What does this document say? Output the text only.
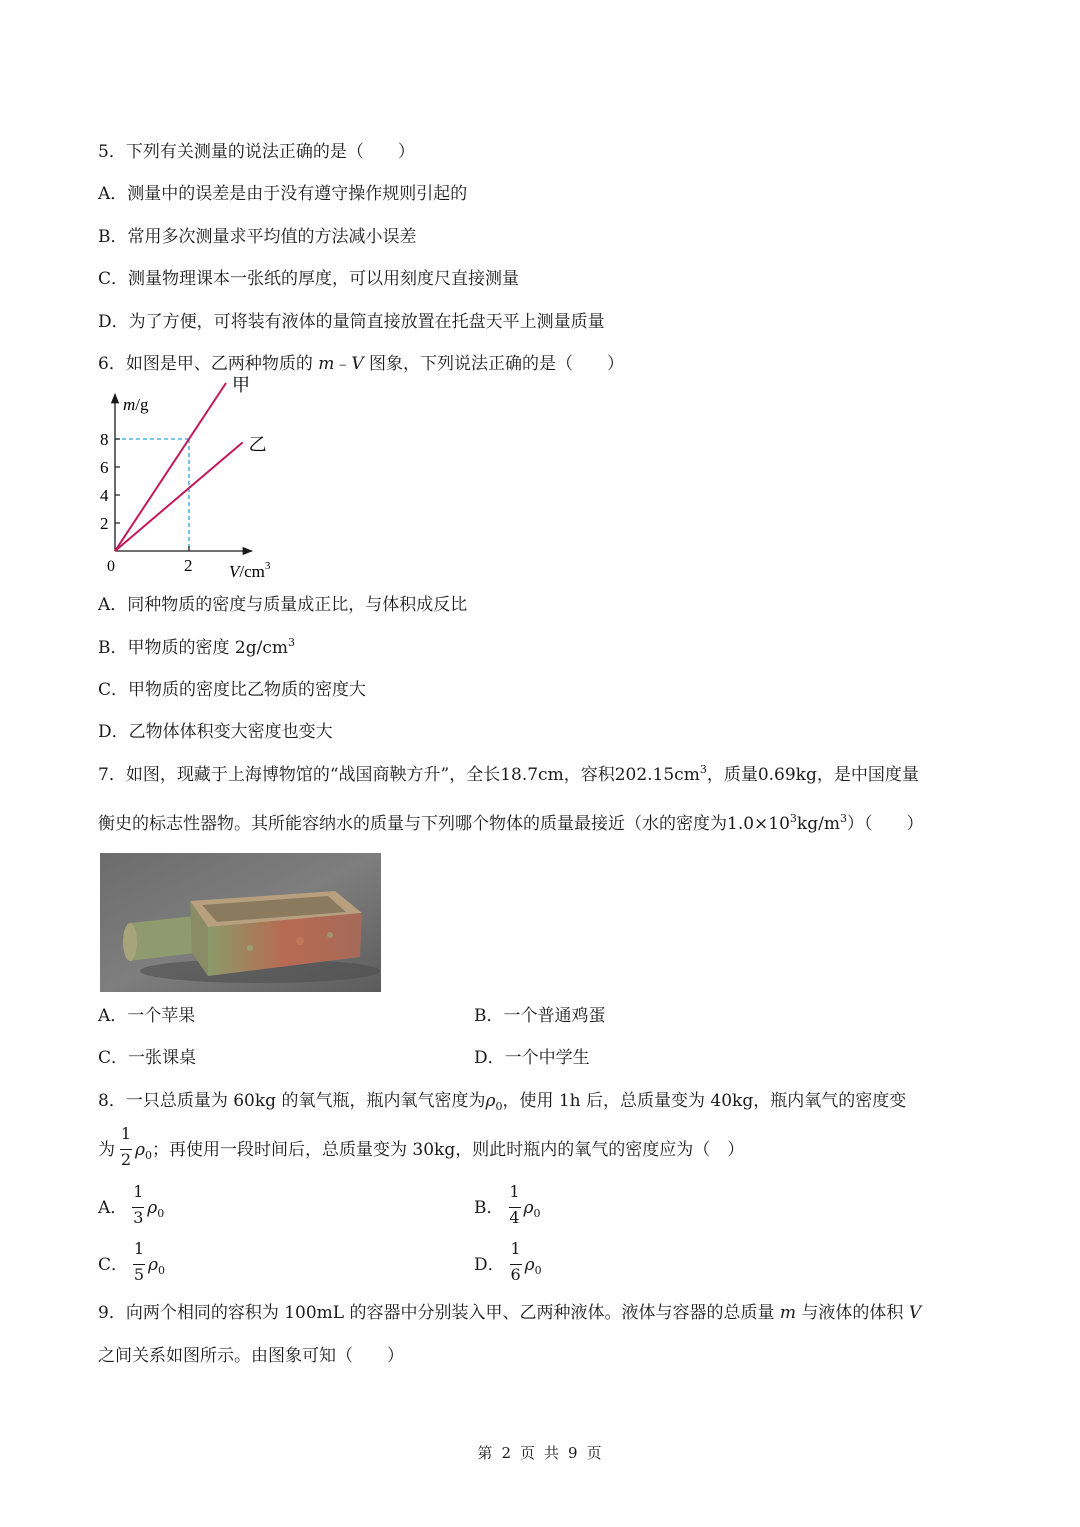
5．下列有关测量的说法正确的是（　　）
A．测量中的误差是由于没有遵守操作规则引起的
B．常用多次测量求平均值的方法减小误差
C．测量物理课本一张纸的厚度，可以用刻度尺直接测量
D．为了方便，可将装有液体的量筒直接放置在托盘天平上测量质量
6．如图是甲、乙两种物质的 m﹣V 图象，下列说法正确的是（　　）
2
4
6
8
2
甲
乙
m/g
$V/cm^3$
0
A．同种物质的密度与质量成正比，与体积成反比
B．甲物质的密度 $2g/cm^3$
C．甲物质的密度比乙物质的密度大
D．乙物体体积变大密度也变大
7．如图，现藏于上海博物馆的“战国商鞅方升”，全长18.7cm，容积$202.15cm^3$，质量0.69kg，是中国度量
衡史的标志性器物。其所能容纳水的质量与下列哪个物体的质量最接近（水的密度为$1.0\times 10^3kg/m^3$）（　　）
A．一个苹果	B．一个普通鸡蛋
C．一张课桌	D．一个中学生
8．一只总质量为 60kg 的氧气瓶，瓶内氧气密度为$\rho_0$，使用 1h 后，总质量变为 40kg，瓶内氧气的密度变
为 $\frac{1}{2} \rho_0$；再使用一段时间后，总质量变为 30kg，则此时瓶内的氧气的密度应为（　）
A． $\frac{1}{3} \rho_0$	B． $\frac{1}{4} \rho_0$
C． $\frac{1}{5} \rho_0$	D． $\frac{1}{6} \rho_0$
9．向两个相同的容积为 100mL 的容器中分别装入甲、乙两种液体。液体与容器的总质量 m 与液体的体积 V
之间关系如图所示。由图象可知（　　）
第 2 页 共 9 页
